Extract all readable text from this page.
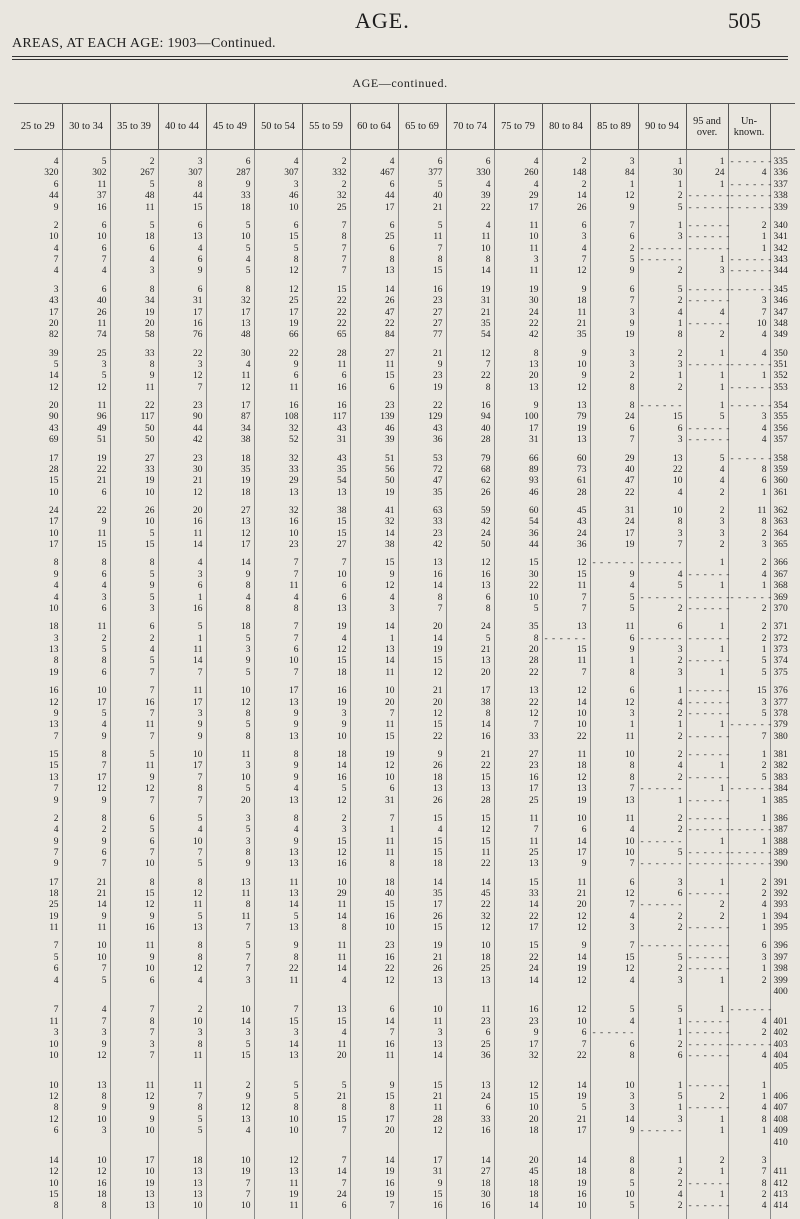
AGE.	505
AREAS, AT EACH AGE: 1903—Continued.
AGE—continued.
25 to 29	30 to 34	35 to 39	40 to 44	45 to 49	50 to 54	55 to 59	60 to 64	65 to 69	70 to 74	75 to 79	80 to 84	85 to 89	90 to 94	95 and over.	Un-known.	

4	5	2	3	6	4	2	4	6	6	4	2	3	1	1	- - - - - -	335
320	302	267	307	287	307	332	467	377	330	260	148	84	30	24	4	336
6	11	5	8	9	3	2	6	5	4	4	2	1	1	1	- - - - - -	337
44	37	48	44	33	46	32	44	40	39	29	14	12	2	- - - - - -	- - - - - -	338
9	16	11	15	18	10	25	17	21	22	17	26	9	5	- - - - - -	- - - - - -	339

2	6	5	6	5	6	7	6	5	4	11	6	7	1	- - - - - -	2	340
10	10	18	13	10	15	8	25	11	11	10	3	6	3	- - - - - -	1	341
4	6	6	4	5	5	7	6	7	10	11	4	2	- - - - - -	- - - - - -	1	342
7	7	4	6	4	8	7	8	8	8	3	7	5	- - - - - -	1	- - - - - -	343
4	4	3	9	5	12	7	13	15	14	11	12	9	2	3	- - - - - -	344

3	6	8	6	8	12	15	14	16	19	19	9	6	5	- - - - - -	- - - - - -	345
43	40	34	31	32	25	22	26	23	31	30	18	7	2	- - - - - -	3	346
17	26	19	17	17	17	22	47	27	21	24	11	3	4	4	7	347
20	11	20	16	13	19	22	22	27	35	22	21	9	1	- - - - - -	10	348
82	74	58	76	48	66	65	84	77	54	42	35	19	8	2	4	349

39	25	33	22	30	22	28	27	21	12	8	9	3	2	1	4	350
5	3	8	3	4	9	11	11	9	7	13	10	3	3	- - - - - -	- - - - - -	351
14	5	9	12	11	6	6	15	23	22	20	9	2	1	1	1	352
12	12	11	7	12	11	16	6	19	8	13	12	8	2	1	- - - - - -	353

20	11	22	23	17	16	16	23	22	16	9	13	8	- - - - - -	1	- - - - - -	354
90	96	117	90	87	108	117	139	129	94	100	79	24	15	5	3	355
43	49	50	44	34	32	43	46	43	40	17	19	6	6	- - - - - -	4	356
69	51	50	42	38	52	31	39	36	28	31	13	7	3	- - - - - -	4	357

17	19	27	23	18	32	43	51	53	79	66	60	29	13	5	- - - - - -	358
28	22	33	30	35	33	35	56	72	68	89	73	40	22	4	8	359
15	21	19	21	19	29	54	50	47	62	93	61	47	10	4	6	360
10	6	10	12	18	13	13	19	35	26	46	28	22	4	2	1	361

24	22	26	20	27	32	38	41	63	59	60	45	31	10	2	11	362
17	9	10	16	13	16	15	32	33	42	54	43	24	8	3	8	363
10	11	5	11	12	10	15	14	23	24	36	24	17	3	3	2	364
17	15	15	14	17	23	27	38	42	50	44	36	19	7	2	3	365

8	8	8	4	14	7	7	15	13	12	15	12	- - - - - -	- - - - - -	1	2	366
9	6	5	3	9	7	10	9	16	16	30	15	9	4	- - - - - -	4	367
4	4	9	6	8	11	6	12	14	13	22	11	4	5	1	1	368
4	3	5	1	4	4	6	4	8	6	10	7	5	- - - - - -	- - - - - -	- - - - - -	369
10	6	3	16	8	8	13	3	7	8	5	7	5	2	- - - - - -	2	370

18	11	6	5	18	7	19	14	20	24	35	13	11	6	1	2	371
3	2	2	1	5	7	4	1	14	5	8	- - - - - -	6	- - - - - -	- - - - - -	2	372
13	5	4	11	3	6	12	13	19	21	20	15	9	3	1	1	373
8	8	5	14	9	10	15	14	15	13	28	11	1	2	- - - - - -	5	374
19	6	7	7	5	7	18	11	12	20	22	7	8	3	1	5	375

16	10	7	11	10	17	16	10	21	17	13	12	6	1	- - - - - -	15	376
12	17	16	17	12	13	19	20	20	38	22	14	12	4	- - - - - -	3	377
9	5	7	3	8	9	3	7	12	8	12	10	3	2	- - - - - -	5	378
13	4	11	9	5	9	9	11	15	14	7	10	1	1	1	- - - - - -	379
7	9	7	9	8	13	10	15	22	16	33	22	11	2	- - - - - -	7	380

15	8	5	10	11	8	18	19	9	21	27	11	10	2	- - - - - -	1	381
15	7	11	17	3	9	14	12	26	22	23	18	8	4	1	2	382
13	17	9	7	10	9	16	10	18	15	16	12	8	2	- - - - - -	5	383
7	12	12	8	5	4	5	6	13	13	17	13	7	- - - - - -	1	- - - - - -	384
9	9	7	7	20	13	12	31	26	28	25	19	13	1	- - - - - -	1	385

2	8	6	5	3	8	2	7	15	15	11	10	11	2	- - - - - -	1	386
4	2	5	4	5	4	3	1	4	12	7	6	4	2	- - - - - -	- - - - - -	387
9	9	6	10	3	9	15	11	15	15	11	14	10	- - - - - -	1	1	388
7	6	7	7	8	13	12	11	15	11	25	17	10	5	- - - - - -	- - - - - -	389
9	7	10	5	9	13	16	8	18	22	13	9	7	- - - - - -	- - - - - -	- - - - - -	390

17	21	8	8	13	11	10	18	14	14	15	11	6	3	1	2	391
18	21	15	12	11	13	29	40	35	45	33	21	12	6	- - - - - -	2	392
25	14	12	11	8	14	11	15	17	22	14	20	7	- - - - - -	2	4	393
19	9	9	5	11	5	14	16	26	32	22	12	4	2	2	1	394
11	11	16	13	7	13	8	10	15	12	17	12	3	2	- - - - - -	1	395

7	10	11	8	5	9	11	23	19	10	15	9	7	- - - - - -	- - - - - -	6	396
5	10	9	8	7	8	11	16	21	18	22	14	15	5	- - - - - -	3	397
6	7	10	12	7	22	14	22	26	25	24	19	12	2	- - - - - -	1	398
4	5	6	4	3	11	4	12	13	13	14	12	4	3	1	2	399
																400

7	4	7	2	10	7	13	6	10	11	16	12	5	5	1	- - - - - -	
11	7	8	10	14	15	15	14	11	23	23	10	4	1	- - - - - -	4	401
3	3	7	3	3	3	4	7	3	6	9	6	- - - - - -	1	- - - - - -	2	402
10	9	3	8	5	14	11	16	13	25	17	7	6	2	- - - - - -	- - - - - -	403
10	12	7	11	15	13	20	11	14	36	32	22	8	6	- - - - - -	4	404
																405

10	13	11	11	2	5	5	9	15	13	12	14	10	1	- - - - - -	1	
12	8	12	7	9	5	21	15	21	24	15	19	3	5	2	1	406
8	9	9	8	12	8	8	8	11	6	10	5	3	1	- - - - - -	4	407
12	10	9	5	13	10	15	17	28	33	20	21	14	3	1	8	408
6	3	10	5	4	10	7	20	12	16	18	17	9	- - - - - -	1	1	409
																410

14	10	17	18	10	12	7	14	17	14	20	14	8	1	2	3	
12	12	10	13	19	13	14	19	31	27	45	18	8	2	1	7	411
10	16	19	13	7	11	7	16	9	18	18	19	5	2	- - - - - -	8	412
15	18	13	13	7	19	24	19	15	30	18	16	10	4	1	2	413
8	8	13	10	10	11	6	7	16	16	14	10	5	2	- - - - - -	4	414
